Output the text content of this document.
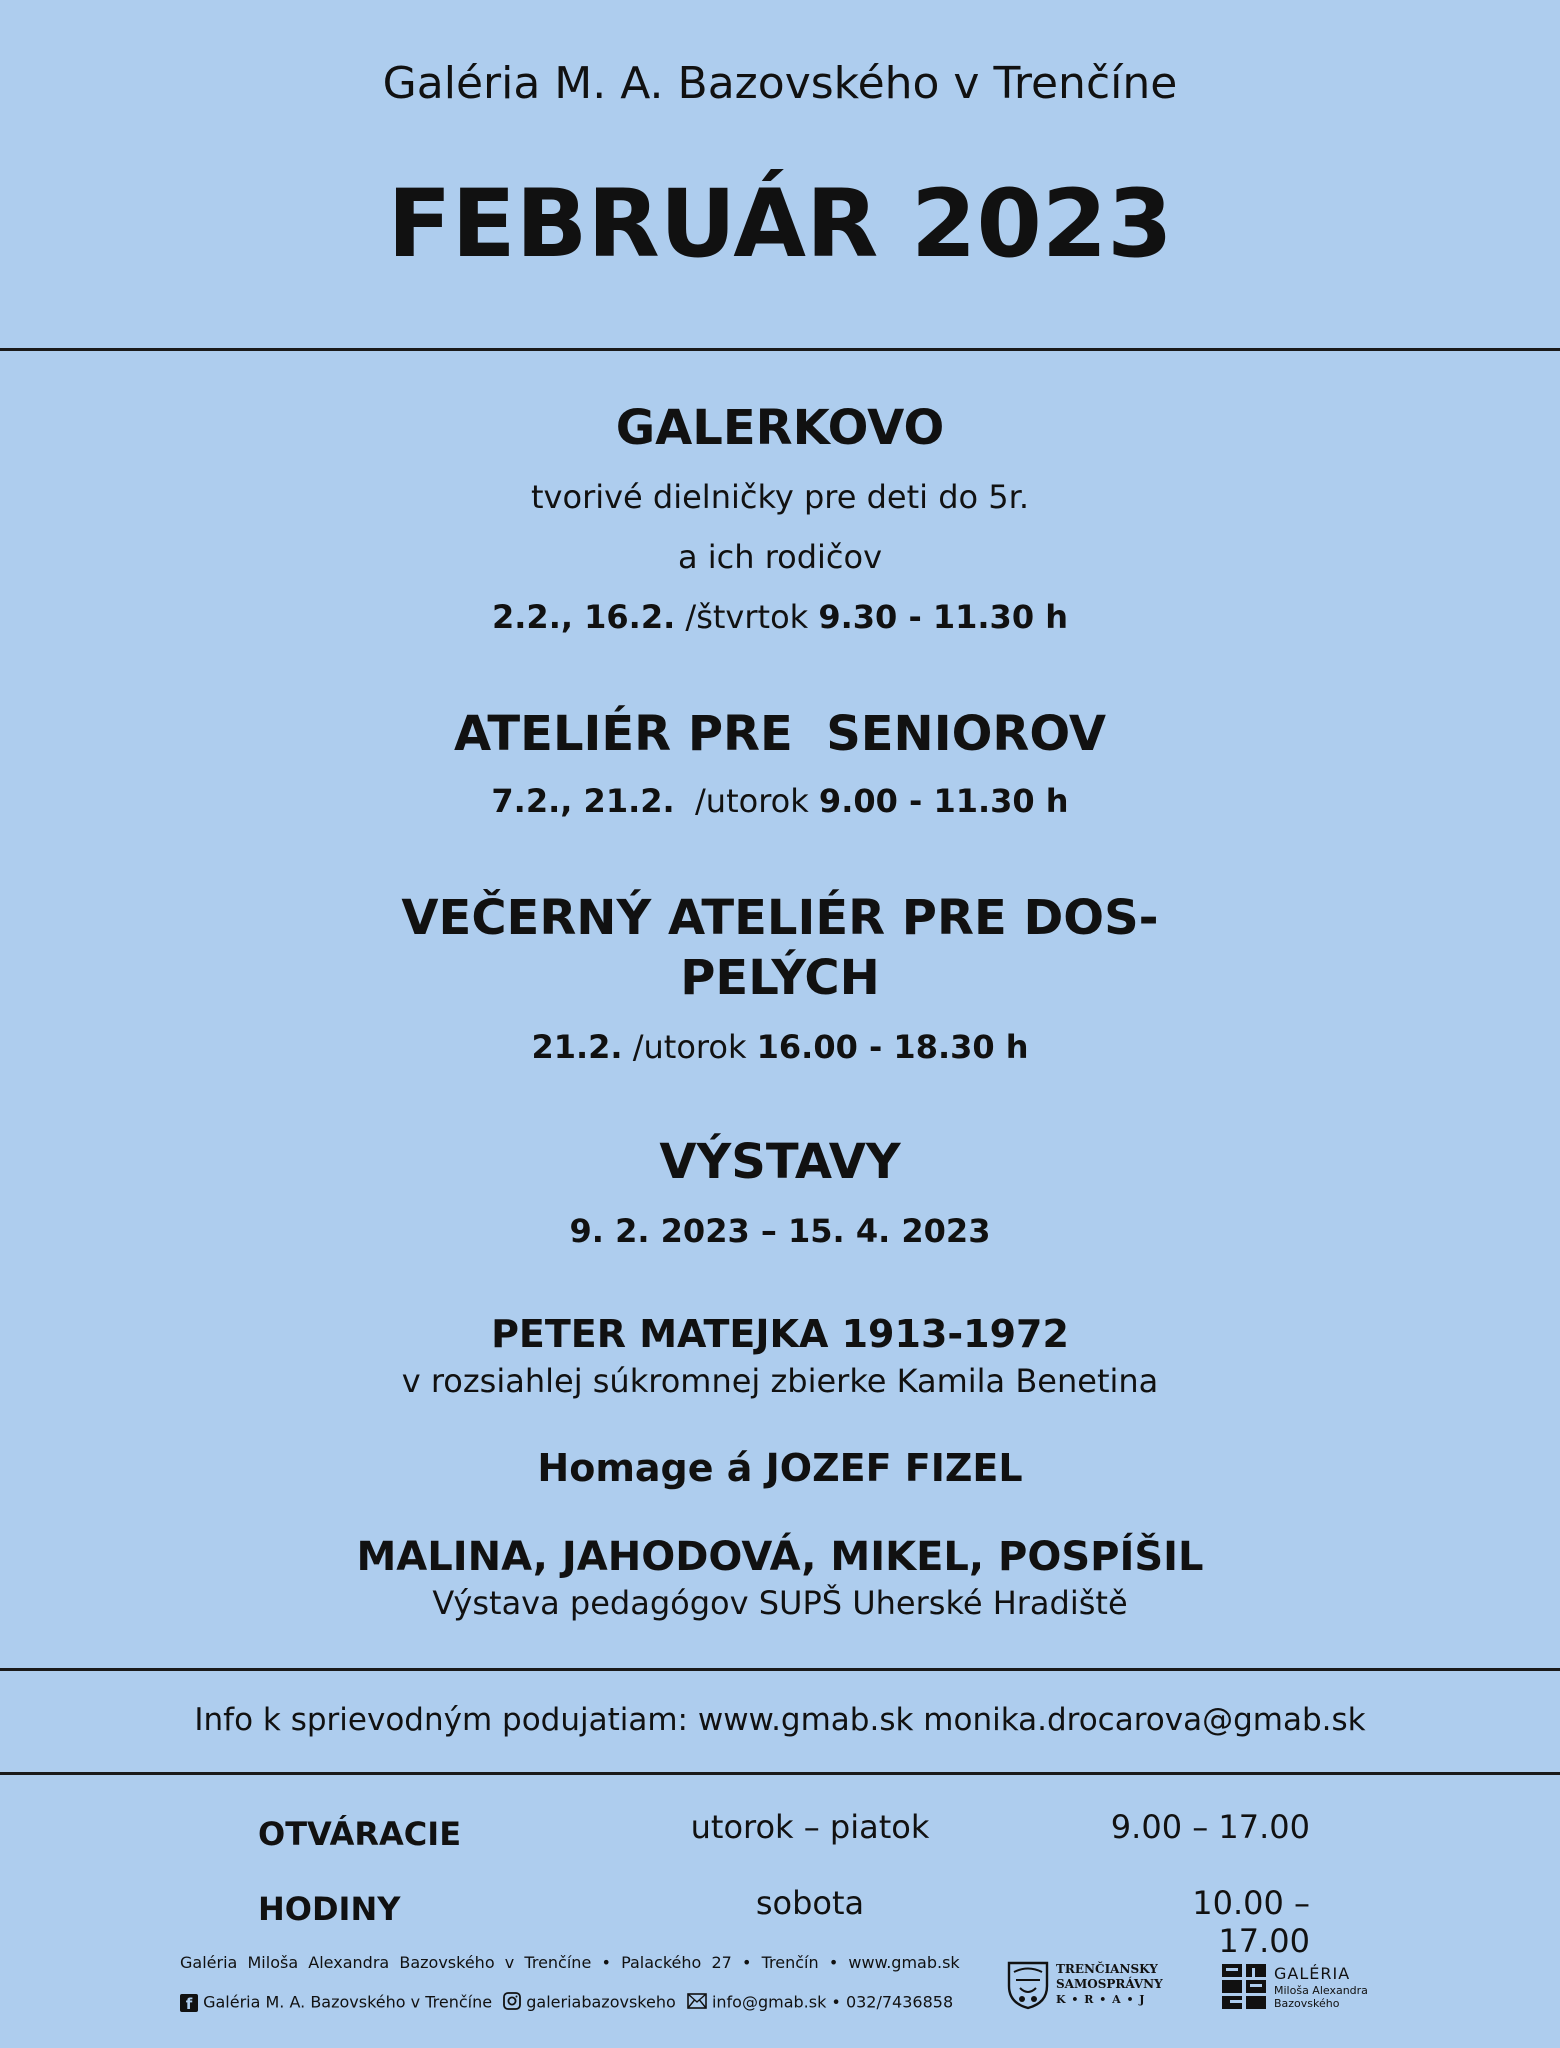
Galéria M. A. Bazovského v Trenčíne
FEBRUÁR 2023
GALERKOVO
tvorivé dielničky pre deti do 5r.
a ich rodičov
2.2., 16.2. /štvrtok 9.30 - 11.30 h
ATELIÉR PRE  SENIOROV
7.2., 21.2.  /utorok 9.00 - 11.30 h
VEČERNÝ ATELIÉR PRE DOS-
PELÝCH
21.2. /utorok 16.00 - 18.30 h
VÝSTAVY
9. 2. 2023 – 15. 4. 2023
PETER MATEJKA 1913-1972
v rozsiahlej súkromnej zbierke Kamila Benetina
Homage á JOZEF FIZEL
MALINA, JAHODOVÁ, MIKEL, POSPÍŠIL
Výstava pedagógov SUPŠ Uherské Hradiště
Info k sprievodným podujatiam: www.gmab.sk monika.drocarova@gmab.sk
OTVÁRACIE
HODINY
utorok – piatok
sobota
9.00 – 17.00
10.00 – 17.00
Galéria  Miloša  Alexandra  Bazovského  v  Trenčíne  •  Palackého  27  •  Trenčín  •  www.gmab.sk
f Galéria M. A. Bazovského v Trenčíne galeriabazovskeho info@gmab.sk • 032/7436858
TRENČIANSKY
SAMOSPRÁVNY
K • R • A • J
GALÉRIA
Miloša Alexandra
Bazovského
